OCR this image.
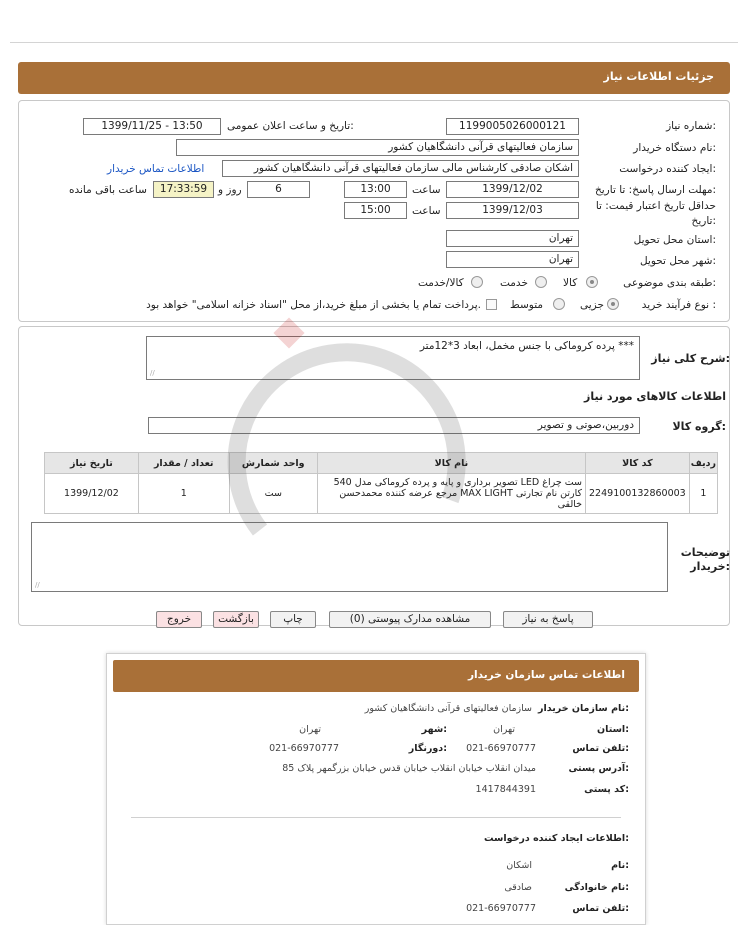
جزئیات اطلاعات نیاز
شماره نیاز:
1199005026000121
تاریخ و ساعت اعلان عمومی:
1399/11/25 - 13:50
نام دستگاه خریدار:
سازمان فعالیتهای قرآنی دانشگاهیان کشور
ایجاد کننده درخواست:
اشکان صادقی کارشناس مالی سازمان فعالیتهای قرآنی دانشگاهیان کشور
اطلاعات تماس خریدار
مهلت ارسال پاسخ: تا تاریخ:
1399/12/02
ساعت
13:00
6
روز و
17:33:59
ساعت باقی مانده
حداقل تاریخ اعتبار قیمت: تا تاریخ:
1399/12/03
ساعت
15:00
استان محل تحویل:
تهران
شهر محل تحویل:
تهران
طبقه بندی موضوعی:
کالا
خدمت
کالا/خدمت
نوع فرآیند خرید :
جزیی
متوسط
پرداخت تمام یا بخشی از مبلغ خرید،از محل "اسناد خزانه اسلامی" خواهد بود.
شرح کلی نیاز:
پرده کروماکی با جنس مخمل، ابعاد 3*12متر ***
//
اطلاعات کالاهای مورد نیاز
گروه کالا:
دوربین،صوتی و تصویر
تاریخ نیاز	تعداد / مقدار	واحد شمارش	نام کالا	کد کالا	ردیف
1399/12/02	1	ست	ست چراغ LED تصویر برداری و پایه و پرده کروماکی مدل 540 کارتن نام تجارتی MAX LIGHT مرجع عرضه کننده محمدحسن خالقی	2249100132860003	1
توضیحات خریدار:
//
پاسخ به نیاز
مشاهده مدارک پیوستی (0)
چاپ
بازگشت
خروج
اطلاعات تماس سازمان خریدار
نام سازمان خریدار:
سازمان فعالیتهای قرآنی دانشگاهیان کشور
استان:
تهران
شهر:
تهران
تلفن تماس:
021-66970777
دورنگار:
021-66970777
آدرس پستی:
میدان انقلاب خیابان انقلاب خیابان قدس خیابان بزرگمهر پلاک 85
کد پستی:
1417844391
اطلاعات ایجاد کننده درخواست:
نام:
اشکان
نام خانوادگی:
صادقی
تلفن تماس:
021-66970777
